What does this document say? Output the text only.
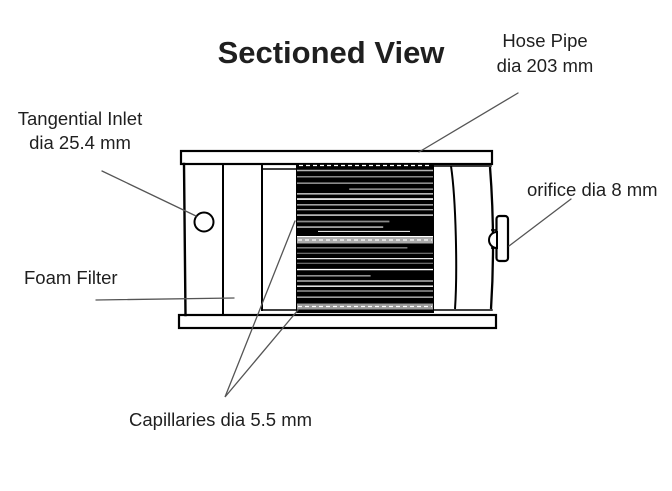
Sectioned View	Hose Pipe
dia 203 mm
Tangential Inlet
dia 25.4 mm
orifice dia 8 mm
Foam Filter
Capillaries dia 5.5 mm
